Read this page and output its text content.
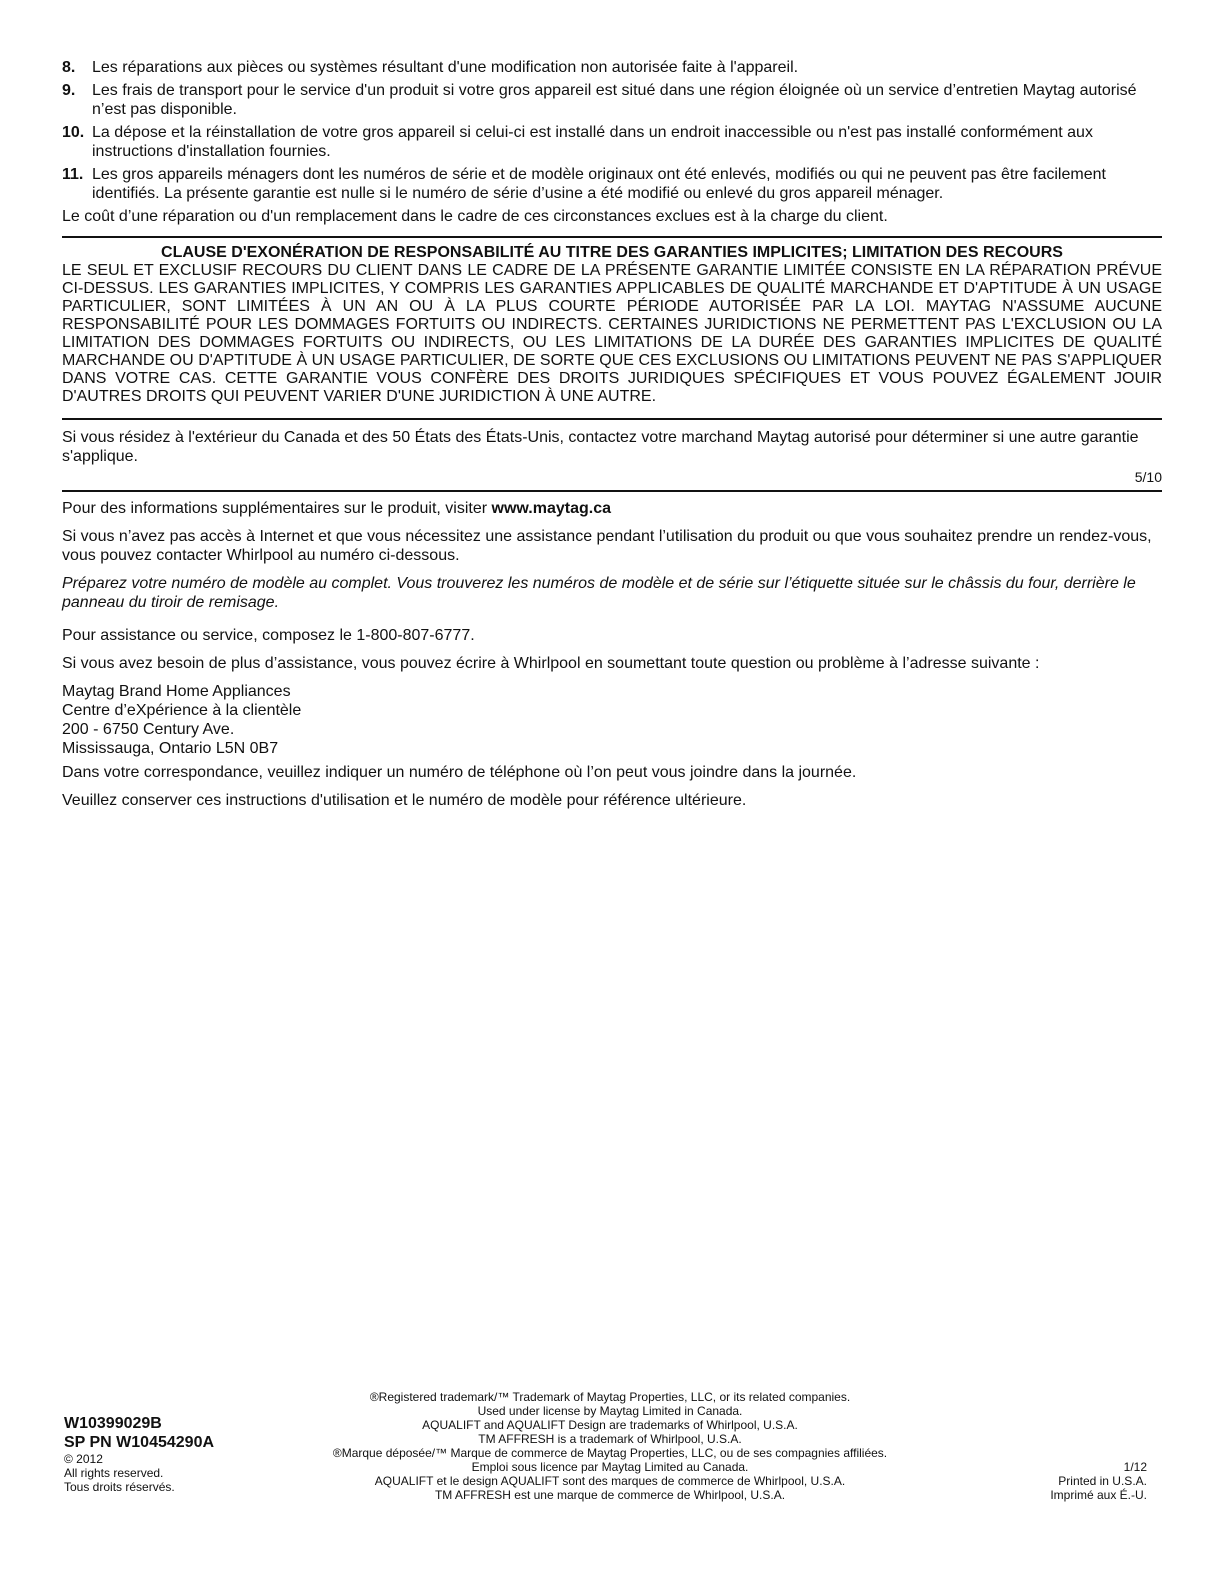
8.	Les réparations aux pièces ou systèmes résultant d'une modification non autorisée faite à l'appareil.
9.	Les frais de transport pour le service d'un produit si votre gros appareil est situé dans une région éloignée où un service d’entretien Maytag autorisé n’est pas disponible.
10. La dépose et la réinstallation de votre gros appareil si celui-ci est installé dans un endroit inaccessible ou n'est pas installé conformément aux instructions d'installation fournies.
11. Les gros appareils ménagers dont les numéros de série et de modèle originaux ont été enlevés, modifiés ou qui ne peuvent pas être facilement identifiés. La présente garantie est nulle si le numéro de série d’usine a été modifié ou enlevé du gros appareil ménager.

Le coût d’une réparation ou d'un remplacement dans le cadre de ces circonstances exclues est à la charge du client.

CLAUSE D'EXONÉRATION DE RESPONSABILITÉ AU TITRE DES GARANTIES IMPLICITES; LIMITATION DES RECOURS
LE SEUL ET EXCLUSIF RECOURS DU CLIENT DANS LE CADRE DE LA PRÉSENTE GARANTIE LIMITÉE CONSISTE EN LA RÉPARATION PRÉVUE CI-DESSUS. LES GARANTIES IMPLICITES, Y COMPRIS LES GARANTIES APPLICABLES DE QUALITÉ MARCHANDE ET D'APTITUDE À UN USAGE PARTICULIER, SONT LIMITÉES À UN AN OU À LA PLUS COURTE PÉRIODE AUTORISÉE PAR LA LOI. MAYTAG N'ASSUME AUCUNE RESPONSABILITÉ POUR LES DOMMAGES FORTUITS OU INDIRECTS. CERTAINES JURIDICTIONS NE PERMETTENT PAS L'EXCLUSION OU LA LIMITATION DES DOMMAGES FORTUITS OU INDIRECTS, OU LES LIMITATIONS DE LA DURÉE DES GARANTIES IMPLICITES DE QUALITÉ MARCHANDE OU D'APTITUDE À UN USAGE PARTICULIER, DE SORTE QUE CES EXCLUSIONS OU LIMITATIONS PEUVENT NE PAS S'APPLIQUER DANS VOTRE CAS. CETTE GARANTIE VOUS CONFÈRE DES DROITS JURIDIQUES SPÉCIFIQUES ET VOUS POUVEZ ÉGALEMENT JOUIR D'AUTRES DROITS QUI PEUVENT VARIER D'UNE JURIDICTION À UNE AUTRE.

Si vous résidez à l'extérieur du Canada et des 50 États des États-Unis, contactez votre marchand Maytag autorisé pour déterminer si une autre garantie s'applique.

5/10

Pour des informations supplémentaires sur le produit, visiter www.maytag.ca

Si vous n’avez pas accès à Internet et que vous nécessitez une assistance pendant l’utilisation du produit ou que vous souhaitez prendre un rendez-vous, vous pouvez contacter Whirlpool au numéro ci-dessous.

Préparez votre numéro de modèle au complet. Vous trouverez les numéros de modèle et de série sur l’étiquette située sur le châssis du four, derrière le panneau du tiroir de remisage.

Pour assistance ou service, composez le 1-800-807-6777.

Si vous avez besoin de plus d’assistance, vous pouvez écrire à Whirlpool en soumettant toute question ou problème à l’adresse suivante :

Maytag Brand Home Appliances

Centre d’eXpérience à la clientèle

200 - 6750 Century Ave.

Mississauga, Ontario L5N 0B7

Dans votre correspondance, veuillez indiquer un numéro de téléphone où l’on peut vous joindre dans la journée.

Veuillez conserver ces instructions d'utilisation et le numéro de modèle pour référence ultérieure.

W10399029B
SP PN W10454290A
© 2012
All rights reserved.
Tous droits réservés.
®Registered trademark/™ Trademark of Maytag Properties, LLC, or its related companies.
Used under license by Maytag Limited in Canada.
AQUALIFT and AQUALIFT Design are trademarks of Whirlpool, U.S.A.
TM AFFRESH is a trademark of Whirlpool, U.S.A.
®Marque déposée/™ Marque de commerce de Maytag Properties, LLC, ou de ses compagnies affiliées.
Emploi sous licence par Maytag Limited au Canada.
AQUALIFT et le design AQUALIFT sont des marques de commerce de Whirlpool, U.S.A.
TM AFFRESH est une marque de commerce de Whirlpool, U.S.A.
1/12
Printed in U.S.A.
Imprimé aux É.-U.
